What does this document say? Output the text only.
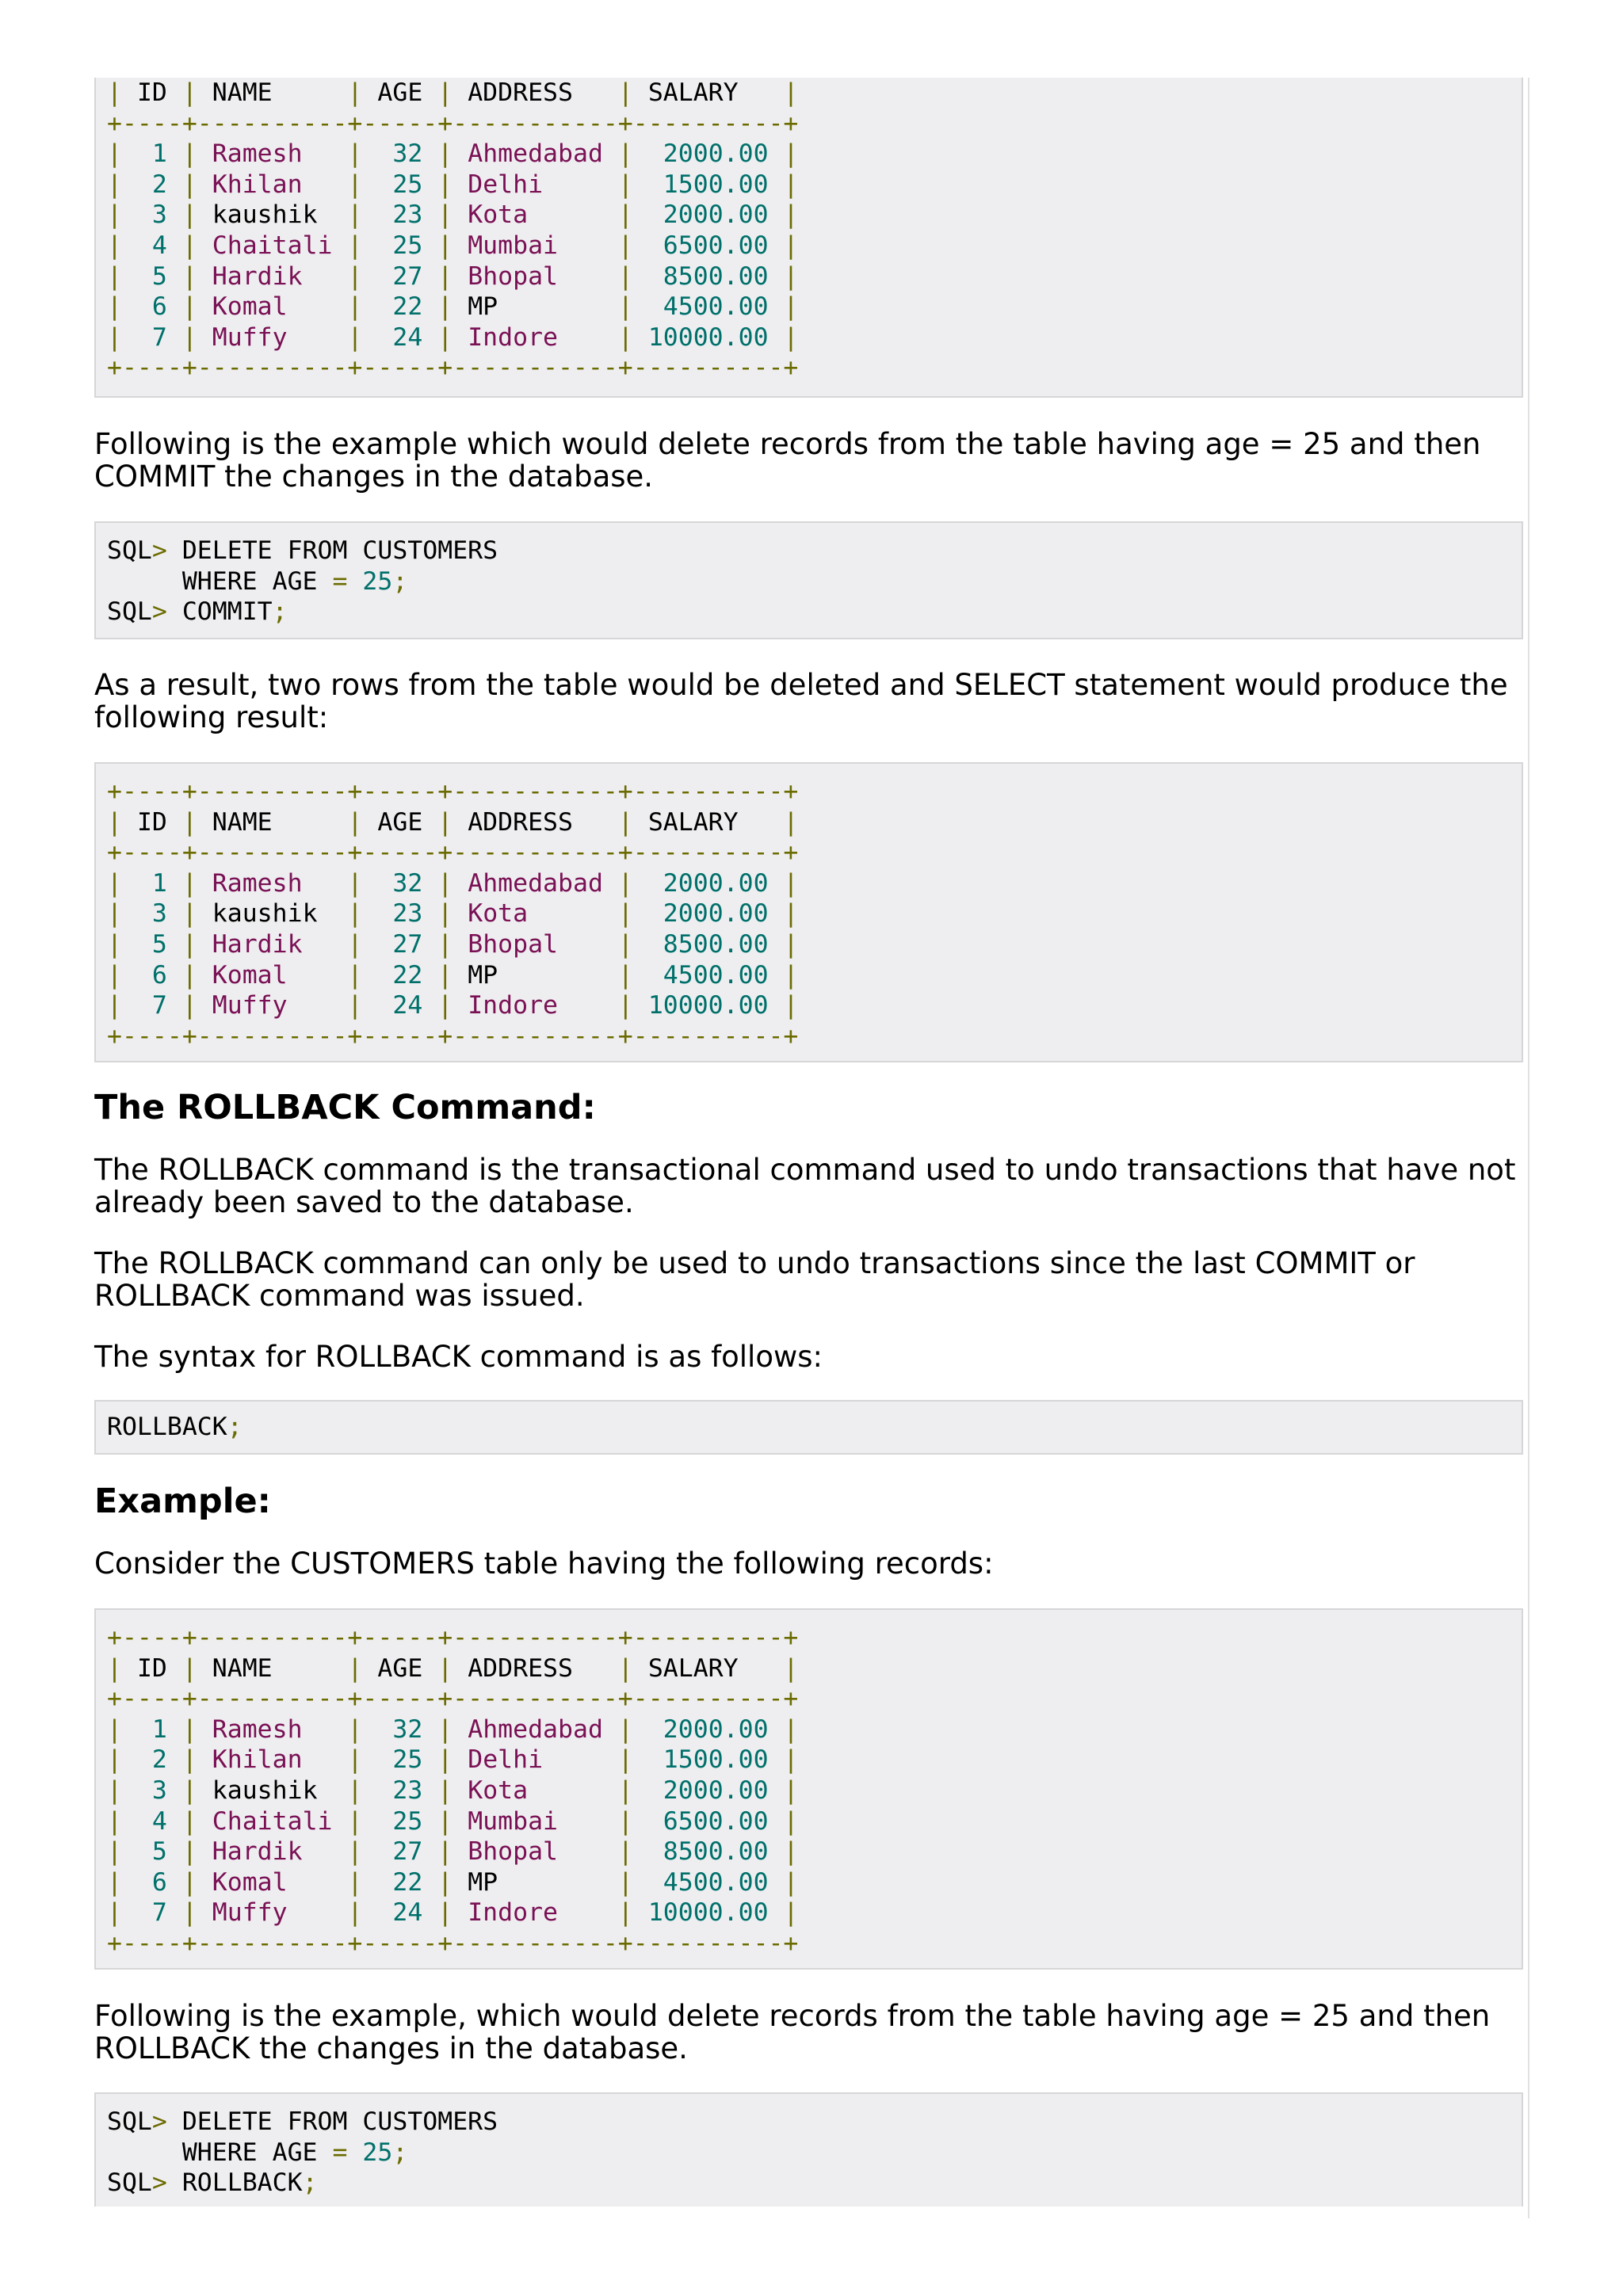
| ID | NAME	| AGE | ADDRESS | SALARY |
+----+----------+-----+-----------+----------+
| 1 | Ramesh | 32 | Ahmedabad | 2000.00 |
| 2 | Khilan | 25 | Delhi	| 1500.00 |
| 3 | kaushik | 23 | Kota	| 2000.00 |
| 4 | Chaitali | 25 | Mumbai | 6500.00 |
| 5 | Hardik | 27 | Bhopal | 8500.00 |
| 6 | Komal | 22 | MP	| 4500.00 |
| 7 | Muffy | 24 | Indore | 10000.00 |
+----+----------+-----+-----------+----------+

Following is the example which would delete records from the table having age = 25 and then COMMIT the changes in the database.

SQL> DELETE FROM CUSTOMERS
WHERE AGE = 25;
SQL> COMMIT;

As a result, two rows from the table would be deleted and SELECT statement would produce the following result:

+----+----------+-----+-----------+----------+
| ID | NAME	| AGE | ADDRESS | SALARY |
+----+----------+-----+-----------+----------+
| 1 | Ramesh | 32 | Ahmedabad | 2000.00 |
| 3 | kaushik | 23 | Kota	| 2000.00 |
| 5 | Hardik | 27 | Bhopal | 8500.00 |
| 6 | Komal | 22 | MP	| 4500.00 |
| 7 | Muffy | 24 | Indore | 10000.00 |
+----+----------+-----+-----------+----------+
The ROLLBACK Command:

The ROLLBACK command is the transactional command used to undo transactions that have not already been saved to the database.

The ROLLBACK command can only be used to undo transactions since the last COMMIT or ROLLBACK command was issued.

The syntax for ROLLBACK command is as follows:

ROLLBACK;
Example:

Consider the CUSTOMERS table having the following records:

+----+----------+-----+-----------+----------+
| ID | NAME	| AGE | ADDRESS | SALARY |
+----+----------+-----+-----------+----------+
| 1 | Ramesh | 32 | Ahmedabad | 2000.00 |
| 2 | Khilan | 25 | Delhi	| 1500.00 |
| 3 | kaushik | 23 | Kota	| 2000.00 |
| 4 | Chaitali | 25 | Mumbai | 6500.00 |
| 5 | Hardik | 27 | Bhopal | 8500.00 |
| 6 | Komal | 22 | MP	| 4500.00 |
| 7 | Muffy | 24 | Indore | 10000.00 |
+----+----------+-----+-----------+----------+

Following is the example, which would delete records from the table having age = 25 and then ROLLBACK the changes in the database.

SQL> DELETE FROM CUSTOMERS
WHERE AGE = 25;
SQL> ROLLBACK;
